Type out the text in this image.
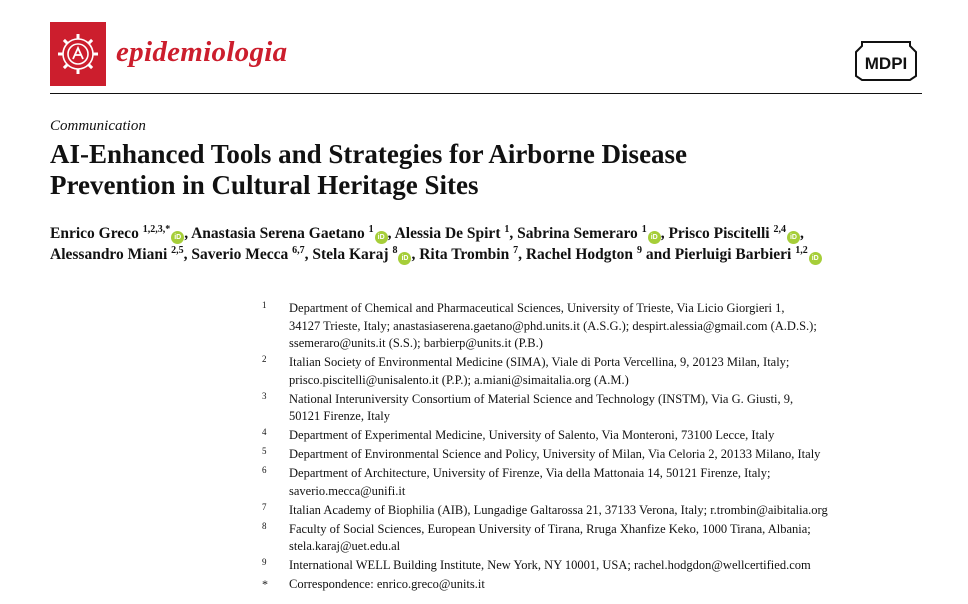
epidemiologia	MDPI
Communication
AI-Enhanced Tools and Strategies for Airborne Disease
Prevention in Cultural Heritage Sites
Enrico Greco $^{1,2,3,*}$iD , Anastasia Serena Gaetano $^1$iD , Alessia De Spirt $^1$, Sabrina Semeraro $^1$iD , Prisco Piscitelli $^{2,4}$iD ,
Alessandro Miani $^{2,5}$, Saverio Mecca $^{6,7}$, Stela Karaj $^8$iD , Rita Trombin $^7$, Rachel Hodgton $^9$ and Pierluigi Barbieri $^{1,2}$iD
1 Department of Chemical and Pharmaceutical Sciences, University of Trieste, Via Licio Giorgieri 1,
34127 Trieste, Italy; anastasiaserena.gaetano@phd.units.it (A.S.G.); despirt.alessia@gmail.com (A.D.S.);
ssemeraro@units.it (S.S.); barbierp@units.it (P.B.)
2 Italian Society of Environmental Medicine (SIMA), Viale di Porta Vercellina, 9, 20123 Milan, Italy;
prisco.piscitelli@unisalento.it (P.P.); a.miani@simaitalia.org (A.M.)
3 National Interuniversity Consortium of Material Science and Technology (INSTM), Via G. Giusti, 9,
50121 Firenze, Italy
4 Department of Experimental Medicine, University of Salento, Via Monteroni, 73100 Lecce, Italy
5 Department of Environmental Science and Policy, University of Milan, Via Celoria 2, 20133 Milano, Italy
6 Department of Architecture, University of Firenze, Via della Mattonaia 14, 50121 Firenze, Italy;
saverio.mecca@unifi.it
7 Italian Academy of Biophilia (AIB), Lungadige Galtarossa 21, 37133 Verona, Italy; r.trombin@aibitalia.org
8 Faculty of Social Sciences, European University of Tirana, Rruga Xhanfize Keko, 1000 Tirana, Albania;
stela.karaj@uet.edu.al
9 International WELL Building Institute, New York, NY 10001, USA; rachel.hodgdon@wellcertified.com
* Correspondence: enrico.greco@units.it
